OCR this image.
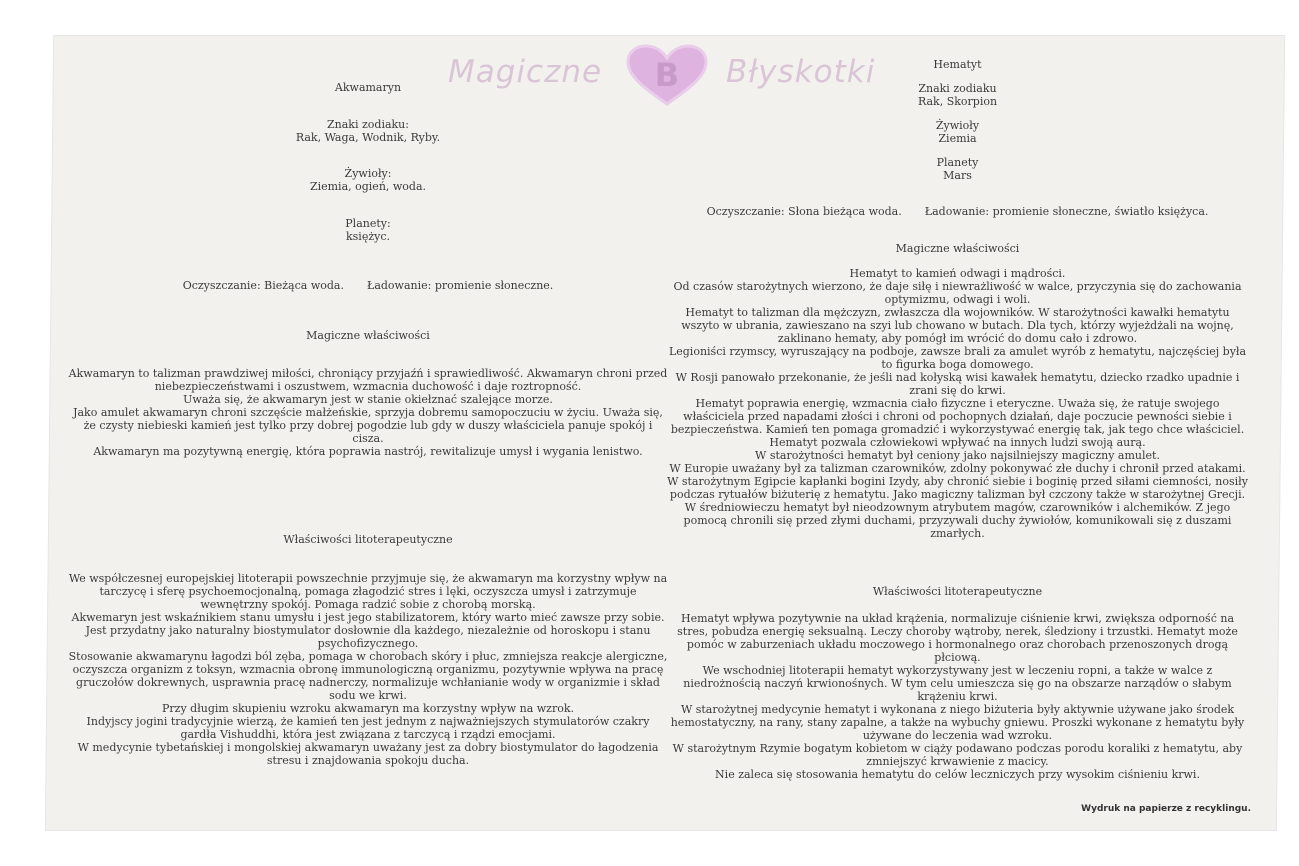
Magiczne B Błyskotki
Akwamaryn
Znaki zodiaku:
Rak, Waga, Wodnik, Ryby.
Żywioły:
Ziemia, ogień, woda.
Planety:
księżyc.
Oczyszczanie: Bieżąca woda. Ładowanie: promienie słoneczne.
Magiczne właściwości

Akwamaryn to talizman prawdziwej miłości, chroniący przyjaźń i sprawiedliwość. Akwamaryn chroni przed niebezpieczeństwami i oszustwem, wzmacnia duchowość i daje roztropność.

Uważa się, że akwamaryn jest w stanie okiełznać szalejące morze.

Jako amulet akwamaryn chroni szczęście małżeńskie, sprzyja dobremu samopoczuciu w życiu. Uważa się, że czysty niebieski kamień jest tylko przy dobrej pogodzie lub gdy w duszy właściciela panuje spokój i cisza.

Akwamaryn ma pozytywną energię, która poprawia nastrój, rewitalizuje umysł i wygania lenistwo.

Właściwości litoterapeutyczne

We współczesnej europejskiej litoterapii powszechnie przyjmuje się, że akwamaryn ma korzystny wpływ na tarczycę i sferę psychoemocjonalną, pomaga złagodzić stres i lęki, oczyszcza umysł i zatrzymuje wewnętrzny spokój. Pomaga radzić sobie z chorobą morską.

Akwemaryn jest wskaźnikiem stanu umysłu i jest jego stabilizatorem, który warto mieć zawsze przy sobie. Jest przydatny jako naturalny biostymulator dosłownie dla każdego, niezależnie od horoskopu i stanu psychofizycznego.

Stosowanie akwamarynu łagodzi ból zęba, pomaga w chorobach skóry i płuc, zmniejsza reakcje alergiczne, oczyszcza organizm z toksyn, wzmacnia obronę immunologiczną organizmu, pozytywnie wpływa na pracę gruczołów dokrewnych, usprawnia pracę nadnerczy, normalizuje wchłanianie wody w organizmie i skład sodu we krwi.

Przy długim skupieniu wzroku akwamaryn ma korzystny wpływ na wzrok.

Indyjscy jogini tradycyjnie wierzą, że kamień ten jest jednym z najważniejszych stymulatorów czakry gardła Vishuddhi, która jest związana z tarczycą i rządzi emocjami.

W medycynie tybetańskiej i mongolskiej akwamaryn uważany jest za dobry biostymulator do łagodzenia stresu i znajdowania spokoju ducha.

Hematyt
Znaki zodiaku
Rak, Skorpion
Żywioły
Ziemia
Planety
Mars
Oczyszczanie: Słona bieżąca woda. Ładowanie: promienie słoneczne, światło księżyca.
Magiczne właściwości

Hematyt to kamień odwagi i mądrości.

Od czasów starożytnych wierzono, że daje siłę i niewrażliwość w walce, przyczynia się do zachowania optymizmu, odwagi i woli.

Hematyt to talizman dla mężczyzn, zwłaszcza dla wojowników. W starożytności kawałki hematytu wszyto w ubrania, zawieszano na szyi lub chowano w butach. Dla tych, którzy wyjeżdżali na wojnę, zaklinano hematy, aby pomógł im wrócić do domu cało i zdrowo.

Legioniści rzymscy, wyruszający na podboje, zawsze brali za amulet wyrób z hematytu, najczęściej była to figurka boga domowego.

W Rosji panowało przekonanie, że jeśli nad kołyską wisi kawałek hematytu, dziecko rzadko upadnie i zrani się do krwi.

Hematyt poprawia energię, wzmacnia ciało fizyczne i eteryczne. Uważa się, że ratuje swojego właściciela przed napadami złości i chroni od pochopnych działań, daje poczucie pewności siebie i bezpieczeństwa. Kamień ten pomaga gromadzić i wykorzystywać energię tak, jak tego chce właściciel. Hematyt pozwala człowiekowi wpływać na innych ludzi swoją aurą.

W starożytności hematyt był ceniony jako najsilniejszy magiczny amulet.

W Europie uważany był za talizman czarowników, zdolny pokonywać złe duchy i chronił przed atakami.

W starożytnym Egipcie kapłanki bogini Izydy, aby chronić siebie i boginię przed siłami ciemności, nosiły podczas rytuałów biżuterię z hematytu. Jako magiczny talizman był czczony także w starożytnej Grecji.

W średniowieczu hematyt był nieodzownym atrybutem magów, czarowników i alchemików. Z jego pomocą chronili się przed złymi duchami, przyzywali duchy żywiołów, komunikowali się z duszami zmarłych.

Właściwości litoterapeutyczne

Hematyt wpływa pozytywnie na układ krążenia, normalizuje ciśnienie krwi, zwiększa odporność na stres, pobudza energię seksualną. Leczy choroby wątroby, nerek, śledziony i trzustki. Hematyt może pomóc w zaburzeniach układu moczowego i hormonalnego oraz chorobach przenoszonych drogą płciową.

We wschodniej litoterapii hematyt wykorzystywany jest w leczeniu ropni, a także w walce z niedrożnością naczyń krwionośnych. W tym celu umieszcza się go na obszarze narządów o słabym krążeniu krwi.

W starożytnej medycynie hematyt i wykonana z niego biżuteria były aktywnie używane jako środek hemostatyczny, na rany, stany zapalne, a także na wybuchy gniewu. Proszki wykonane z hematytu były używane do leczenia wad wzroku.

W starożytnym Rzymie bogatym kobietom w ciąży podawano podczas porodu koraliki z hematytu, aby zmniejszyć krwawienie z macicy.

Nie zaleca się stosowania hematytu do celów leczniczych przy wysokim ciśnieniu krwi.

Wydruk na papierze z recyklingu.
